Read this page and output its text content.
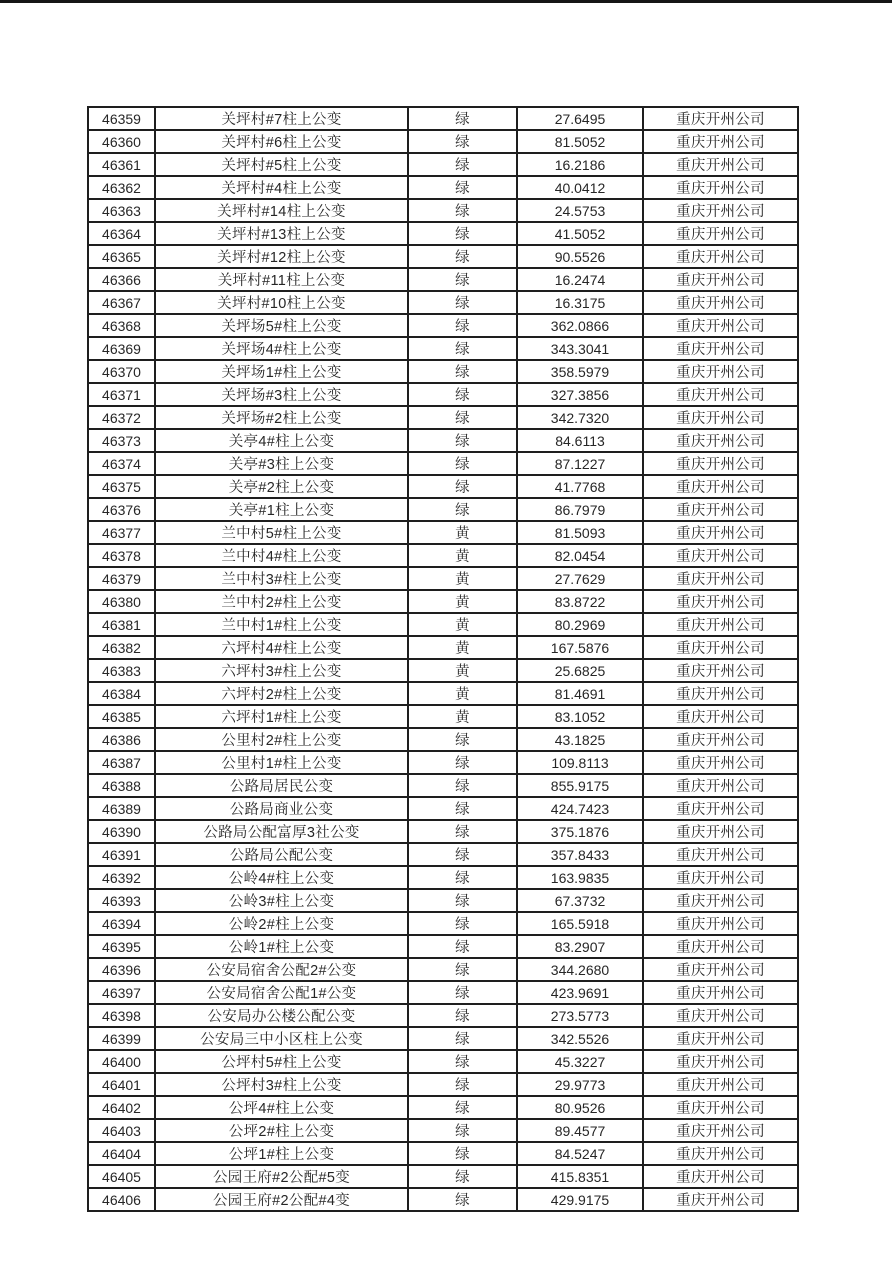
46359	关坪村#7柱上公变	绿	27.6495	重庆开州公司
46360	关坪村#6柱上公变	绿	81.5052	重庆开州公司
46361	关坪村#5柱上公变	绿	16.2186	重庆开州公司
46362	关坪村#4柱上公变	绿	40.0412	重庆开州公司
46363	关坪村#14柱上公变	绿	24.5753	重庆开州公司
46364	关坪村#13柱上公变	绿	41.5052	重庆开州公司
46365	关坪村#12柱上公变	绿	90.5526	重庆开州公司
46366	关坪村#11柱上公变	绿	16.2474	重庆开州公司
46367	关坪村#10柱上公变	绿	16.3175	重庆开州公司
46368	关坪场5#柱上公变	绿	362.0866	重庆开州公司
46369	关坪场4#柱上公变	绿	343.3041	重庆开州公司
46370	关坪场1#柱上公变	绿	358.5979	重庆开州公司
46371	关坪场#3柱上公变	绿	327.3856	重庆开州公司
46372	关坪场#2柱上公变	绿	342.7320	重庆开州公司
46373	关亭4#柱上公变	绿	84.6113	重庆开州公司
46374	关亭#3柱上公变	绿	87.1227	重庆开州公司
46375	关亭#2柱上公变	绿	41.7768	重庆开州公司
46376	关亭#1柱上公变	绿	86.7979	重庆开州公司
46377	兰中村5#柱上公变	黄	81.5093	重庆开州公司
46378	兰中村4#柱上公变	黄	82.0454	重庆开州公司
46379	兰中村3#柱上公变	黄	27.7629	重庆开州公司
46380	兰中村2#柱上公变	黄	83.8722	重庆开州公司
46381	兰中村1#柱上公变	黄	80.2969	重庆开州公司
46382	六坪村4#柱上公变	黄	167.5876	重庆开州公司
46383	六坪村3#柱上公变	黄	25.6825	重庆开州公司
46384	六坪村2#柱上公变	黄	81.4691	重庆开州公司
46385	六坪村1#柱上公变	黄	83.1052	重庆开州公司
46386	公里村2#柱上公变	绿	43.1825	重庆开州公司
46387	公里村1#柱上公变	绿	109.8113	重庆开州公司
46388	公路局居民公变	绿	855.9175	重庆开州公司
46389	公路局商业公变	绿	424.7423	重庆开州公司
46390	公路局公配富厚3社公变	绿	375.1876	重庆开州公司
46391	公路局公配公变	绿	357.8433	重庆开州公司
46392	公岭4#柱上公变	绿	163.9835	重庆开州公司
46393	公岭3#柱上公变	绿	67.3732	重庆开州公司
46394	公岭2#柱上公变	绿	165.5918	重庆开州公司
46395	公岭1#柱上公变	绿	83.2907	重庆开州公司
46396	公安局宿舍公配2#公变	绿	344.2680	重庆开州公司
46397	公安局宿舍公配1#公变	绿	423.9691	重庆开州公司
46398	公安局办公楼公配公变	绿	273.5773	重庆开州公司
46399	公安局三中小区柱上公变	绿	342.5526	重庆开州公司
46400	公坪村5#柱上公变	绿	45.3227	重庆开州公司
46401	公坪村3#柱上公变	绿	29.9773	重庆开州公司
46402	公坪4#柱上公变	绿	80.9526	重庆开州公司
46403	公坪2#柱上公变	绿	89.4577	重庆开州公司
46404	公坪1#柱上公变	绿	84.5247	重庆开州公司
46405	公园王府#2公配#5变	绿	415.8351	重庆开州公司
46406	公园王府#2公配#4变	绿	429.9175	重庆开州公司
